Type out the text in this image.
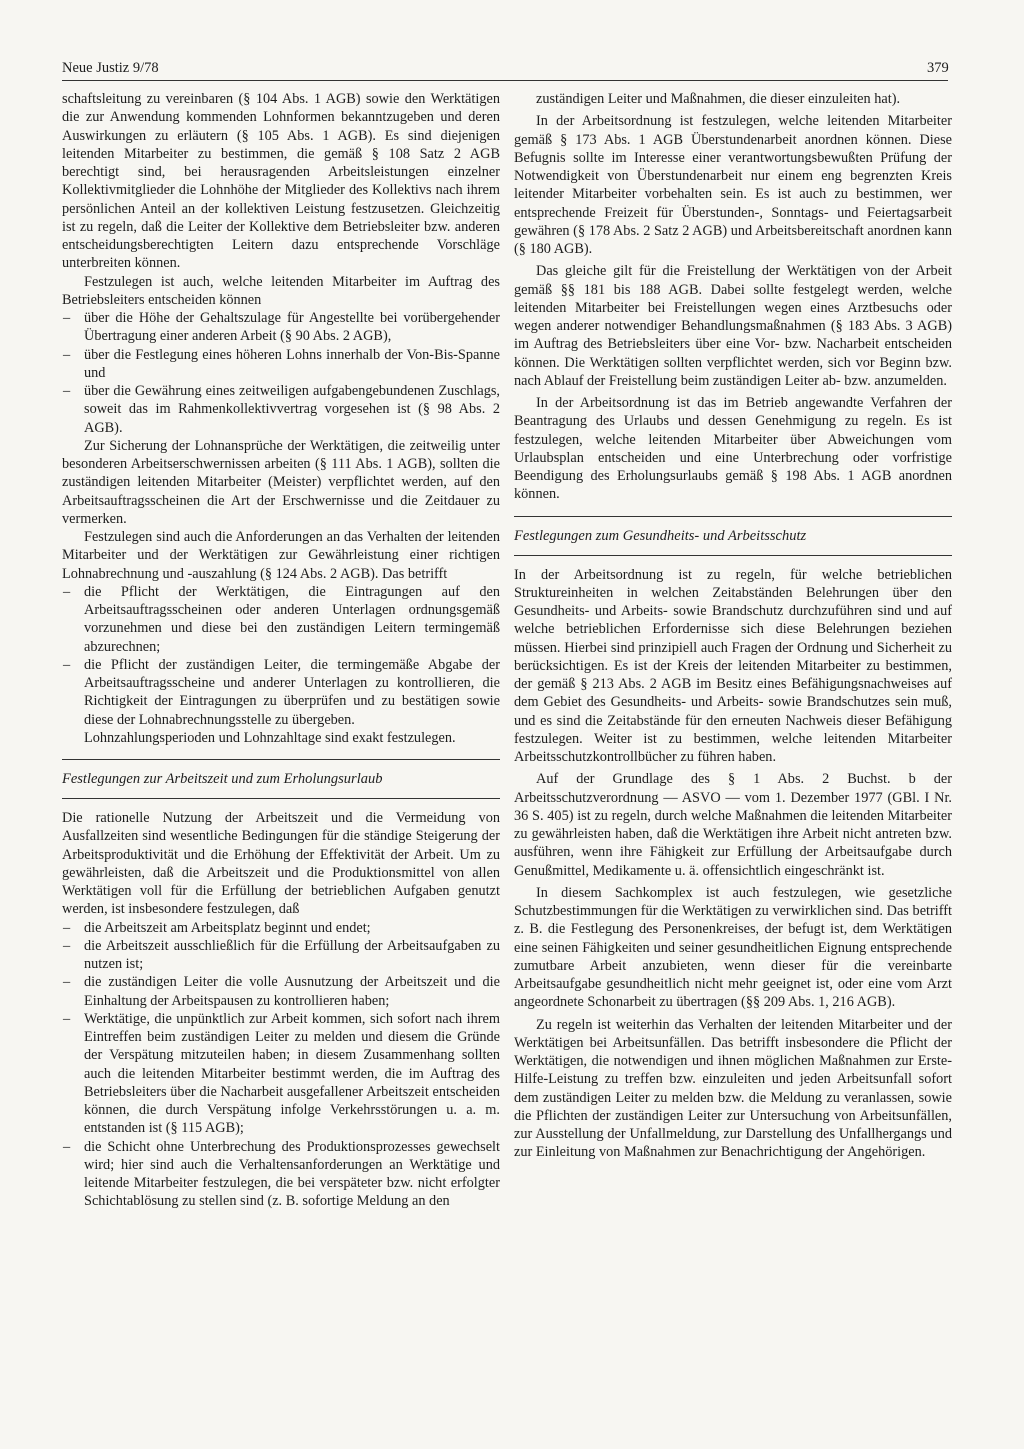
Neue Justiz 9/78	379

schaftsleitung zu vereinbaren (§ 104 Abs. 1 AGB) sowie den Werktätigen die zur Anwendung kommenden Lohnformen bekanntzugeben und deren Auswirkungen zu erläutern (§ 105 Abs. 1 AGB). Es sind diejenigen leitenden Mitarbeiter zu bestimmen, die gemäß § 108 Satz 2 AGB berechtigt sind, bei herausragenden Arbeitsleistungen einzelner Kollektivmitglieder die Lohnhöhe der Mitglieder des Kollektivs nach ihrem persönlichen Anteil an der kollektiven Leistung festzusetzen. Gleichzeitig ist zu regeln, daß die Leiter der Kollektive dem Betriebsleiter bzw. anderen entscheidungsberechtigten Leitern dazu entsprechende Vorschläge unterbreiten können.

Festzulegen ist auch, welche leitenden Mitarbeiter im Auftrag des Betriebsleiters entscheiden können

– über die Höhe der Gehaltszulage für Angestellte bei vorübergehender Übertragung einer anderen Arbeit (§ 90 Abs. 2 AGB),
– über die Festlegung eines höheren Lohns innerhalb der Von-Bis-Spanne und
– über die Gewährung eines zeitweiligen aufgabengebundenen Zuschlags, soweit das im Rahmenkollektivvertrag vorgesehen ist (§ 98 Abs. 2 AGB).

Zur Sicherung der Lohnansprüche der Werktätigen, die zeitweilig unter besonderen Arbeitserschwernissen arbeiten (§ 111 Abs. 1 AGB), sollten die zuständigen leitenden Mitarbeiter (Meister) verpflichtet werden, auf den Arbeitsauftragsscheinen die Art der Erschwernisse und die Zeitdauer zu vermerken.

Festzulegen sind auch die Anforderungen an das Verhalten der leitenden Mitarbeiter und der Werktätigen zur Gewährleistung einer richtigen Lohnabrechnung und -auszahlung (§ 124 Abs. 2 AGB). Das betrifft

– die Pflicht der Werktätigen, die Eintragungen auf den Arbeitsauftragsscheinen oder anderen Unterlagen ordnungsgemäß vorzunehmen und diese bei den zuständigen Leitern termingemäß abzurechnen;
– die Pflicht der zuständigen Leiter, die termingemäße Abgabe der Arbeitsauftragsscheine und anderer Unterlagen zu kontrollieren, die Richtigkeit der Eintragungen zu überprüfen und zu bestätigen sowie diese der Lohnabrechnungsstelle zu übergeben.

Lohnzahlungsperioden und Lohnzahltage sind exakt festzulegen.

Festlegungen zur Arbeitszeit und zum Erholungsurlaub

Die rationelle Nutzung der Arbeitszeit und die Vermeidung von Ausfallzeiten sind wesentliche Bedingungen für die ständige Steigerung der Arbeitsproduktivität und die Erhöhung der Effektivität der Arbeit. Um zu gewährleisten, daß die Arbeitszeit und die Produktionsmittel von allen Werktätigen voll für die Erfüllung der betrieblichen Aufgaben genutzt werden, ist insbesondere festzulegen, daß

– die Arbeitszeit am Arbeitsplatz beginnt und endet;
– die Arbeitszeit ausschließlich für die Erfüllung der Arbeitsaufgaben zu nutzen ist;
– die zuständigen Leiter die volle Ausnutzung der Arbeitszeit und die Einhaltung der Arbeitspausen zu kontrollieren haben;
– Werktätige, die unpünktlich zur Arbeit kommen, sich sofort nach ihrem Eintreffen beim zuständigen Leiter zu melden und diesem die Gründe der Verspätung mitzuteilen haben; in diesem Zusammenhang sollten auch die leitenden Mitarbeiter bestimmt werden, die im Auftrag des Betriebsleiters über die Nacharbeit ausgefallener Arbeitszeit entscheiden können, die durch Verspätung infolge Verkehrsstörungen u. a. m. entstanden ist (§ 115 AGB);
– die Schicht ohne Unterbrechung des Produktionsprozesses gewechselt wird; hier sind auch die Verhaltensanforderungen an Werktätige und leitende Mitarbeiter festzulegen, die bei verspäteter bzw. nicht erfolgter Schichtablösung zu stellen sind (z. B. sofortige Meldung an den

zuständigen Leiter und Maßnahmen, die dieser einzuleiten hat).

In der Arbeitsordnung ist festzulegen, welche leitenden Mitarbeiter gemäß § 173 Abs. 1 AGB Überstundenarbeit anordnen können. Diese Befugnis sollte im Interesse einer verantwortungsbewußten Prüfung der Notwendigkeit von Überstundenarbeit nur einem eng begrenzten Kreis leitender Mitarbeiter vorbehalten sein. Es ist auch zu bestimmen, wer entsprechende Freizeit für Überstunden-, Sonntags- und Feiertagsarbeit gewähren (§ 178 Abs. 2 Satz 2 AGB) und Arbeitsbereitschaft anordnen kann (§ 180 AGB).

Das gleiche gilt für die Freistellung der Werktätigen von der Arbeit gemäß §§ 181 bis 188 AGB. Dabei sollte festgelegt werden, welche leitenden Mitarbeiter bei Freistellungen wegen eines Arztbesuchs oder wegen anderer notwendiger Behandlungsmaßnahmen (§ 183 Abs. 3 AGB) im Auftrag des Betriebsleiters über eine Vor- bzw. Nacharbeit entscheiden können. Die Werktätigen sollten verpflichtet werden, sich vor Beginn bzw. nach Ablauf der Freistellung beim zuständigen Leiter ab- bzw. anzumelden.

In der Arbeitsordnung ist das im Betrieb angewandte Verfahren der Beantragung des Urlaubs und dessen Genehmigung zu regeln. Es ist festzulegen, welche leitenden Mitarbeiter über Abweichungen vom Urlaubsplan entscheiden und eine Unterbrechung oder vorfristige Beendigung des Erholungsurlaubs gemäß § 198 Abs. 1 AGB anordnen können.

Festlegungen zum Gesundheits- und Arbeitsschutz

In der Arbeitsordnung ist zu regeln, für welche betrieblichen Struktureinheiten in welchen Zeitabständen Belehrungen über den Gesundheits- und Arbeits- sowie Brandschutz durchzuführen sind und auf welche betrieblichen Erfordernisse sich diese Belehrungen beziehen müssen. Hierbei sind prinzipiell auch Fragen der Ordnung und Sicherheit zu berücksichtigen. Es ist der Kreis der leitenden Mitarbeiter zu bestimmen, der gemäß § 213 Abs. 2 AGB im Besitz eines Befähigungsnachweises auf dem Gebiet des Gesundheits- und Arbeits- sowie Brandschutzes sein muß, und es sind die Zeitabstände für den erneuten Nachweis dieser Befähigung festzulegen. Weiter ist zu bestimmen, welche leitenden Mitarbeiter Arbeitsschutzkontrollbücher zu führen haben.

Auf der Grundlage des § 1 Abs. 2 Buchst. b der Arbeitsschutzverordnung — ASVO — vom 1. Dezember 1977 (GBl. I Nr. 36 S. 405) ist zu regeln, durch welche Maßnahmen die leitenden Mitarbeiter zu gewährleisten haben, daß die Werktätigen ihre Arbeit nicht antreten bzw. ausführen, wenn ihre Fähigkeit zur Erfüllung der Arbeitsaufgabe durch Genußmittel, Medikamente u. ä. offensichtlich eingeschränkt ist.

In diesem Sachkomplex ist auch festzulegen, wie gesetzliche Schutzbestimmungen für die Werktätigen zu verwirklichen sind. Das betrifft z. B. die Festlegung des Personenkreises, der befugt ist, dem Werktätigen eine seinen Fähigkeiten und seiner gesundheitlichen Eignung entsprechende zumutbare Arbeit anzubieten, wenn dieser für die vereinbarte Arbeitsaufgabe gesundheitlich nicht mehr geeignet ist, oder eine vom Arzt angeordnete Schonarbeit zu übertragen (§§ 209 Abs. 1, 216 AGB).

Zu regeln ist weiterhin das Verhalten der leitenden Mitarbeiter und der Werktätigen bei Arbeitsunfällen. Das betrifft insbesondere die Pflicht der Werktätigen, die notwendigen und ihnen möglichen Maßnahmen zur Erste-Hilfe-Leistung zu treffen bzw. einzuleiten und jeden Arbeitsunfall sofort dem zuständigen Leiter zu melden bzw. die Meldung zu veranlassen, sowie die Pflichten der zuständigen Leiter zur Untersuchung von Arbeitsunfällen, zur Ausstellung der Unfallmeldung, zur Darstellung des Unfallhergangs und zur Einleitung von Maßnahmen zur Benachrichtigung der Angehörigen.
